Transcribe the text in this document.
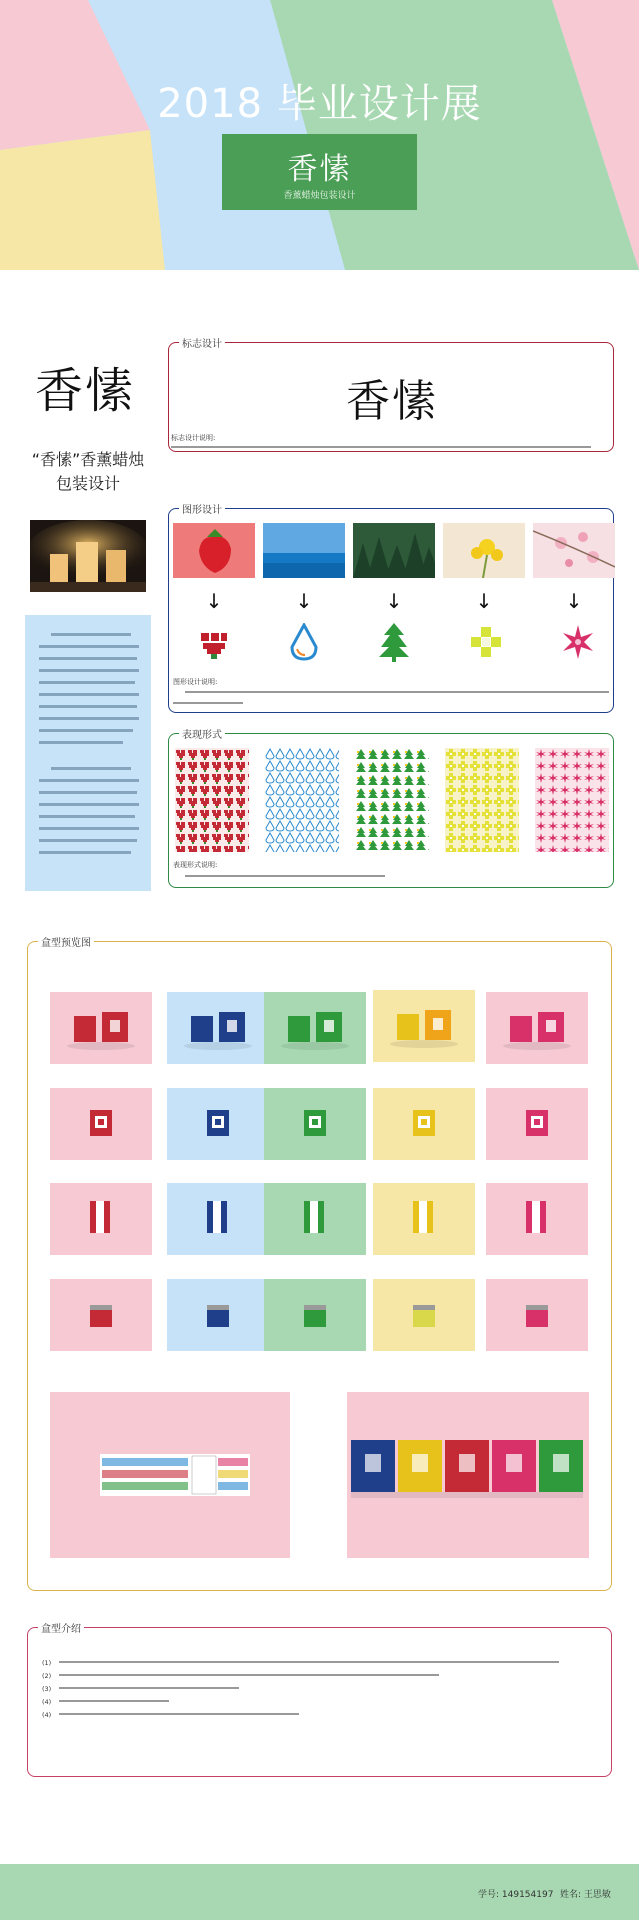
2018 毕业设计展
香愫
香薰蜡烛包装设计
香愫
“香愫”香薰蜡烛
包装设计
标志设计
香愫
标志设计说明:
图形设计
↓	↓	↓	↓	↓
图形设计说明:
表现形式
表现形式说明:
盒型预览图
盒型介绍
(1)
(2)
(3)
(4)
(4)
学号: 149154197 姓名: 王思敏
